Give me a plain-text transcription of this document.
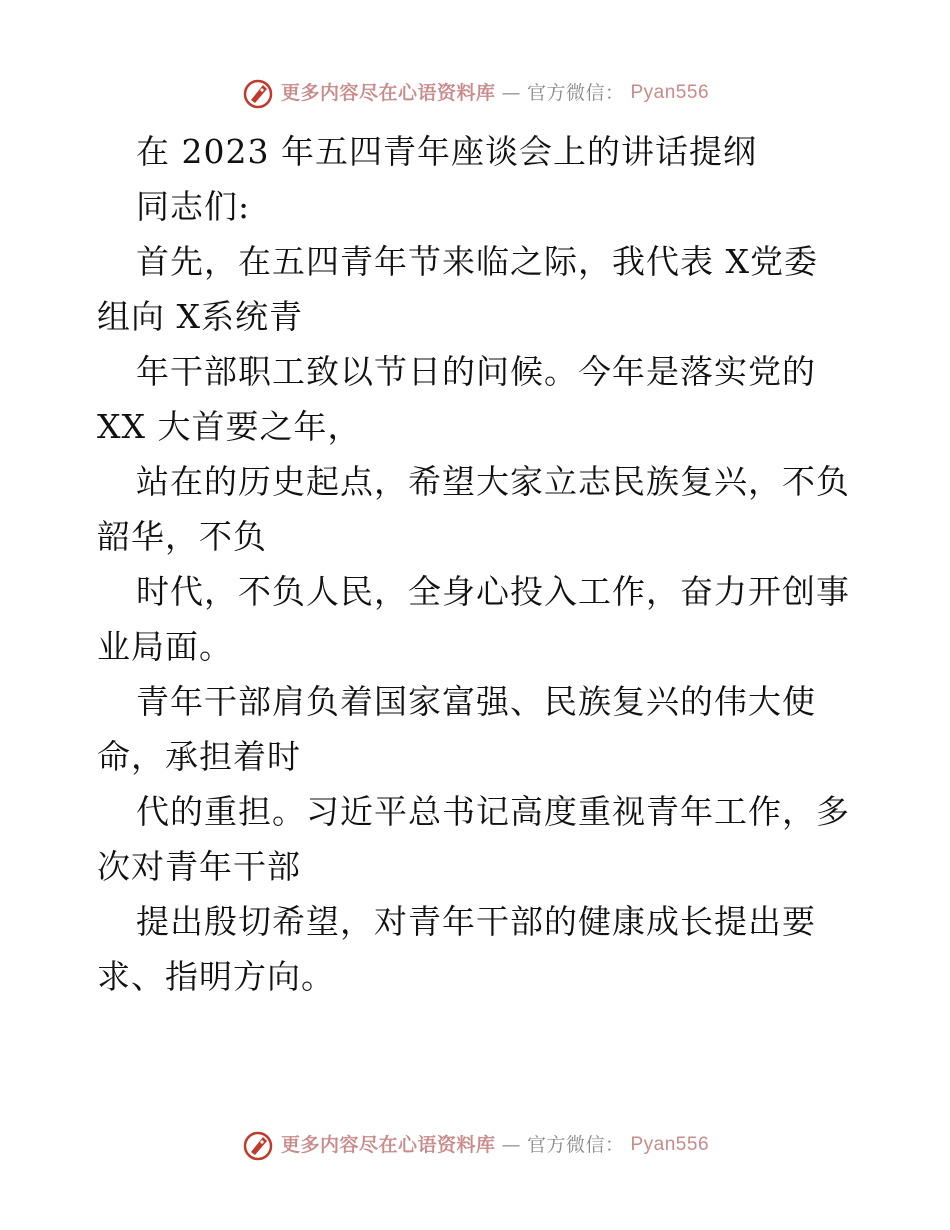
更多内容尽在心语资料库 — 官方微信： Pyan556
在 2023 年五四青年座谈会上的讲话提纲
同志们:
首先，在五四青年节来临之际，我代表 X党委
组向 X系统青
年干部职工致以节日的问候。今年是落实党的
XX 大首要之年，
站在的历史起点，希望大家立志民族复兴，不负
韶华，不负
时代，不负人民，全身心投入工作，奋力开创事
业局面。
青年干部肩负着国家富强、民族复兴的伟大使
命，承担着时
代的重担。习近平总书记高度重视青年工作，多
次对青年干部
提出殷切希望，对青年干部的健康成长提出要
求、指明方向。
更多内容尽在心语资料库 — 官方微信： Pyan556
